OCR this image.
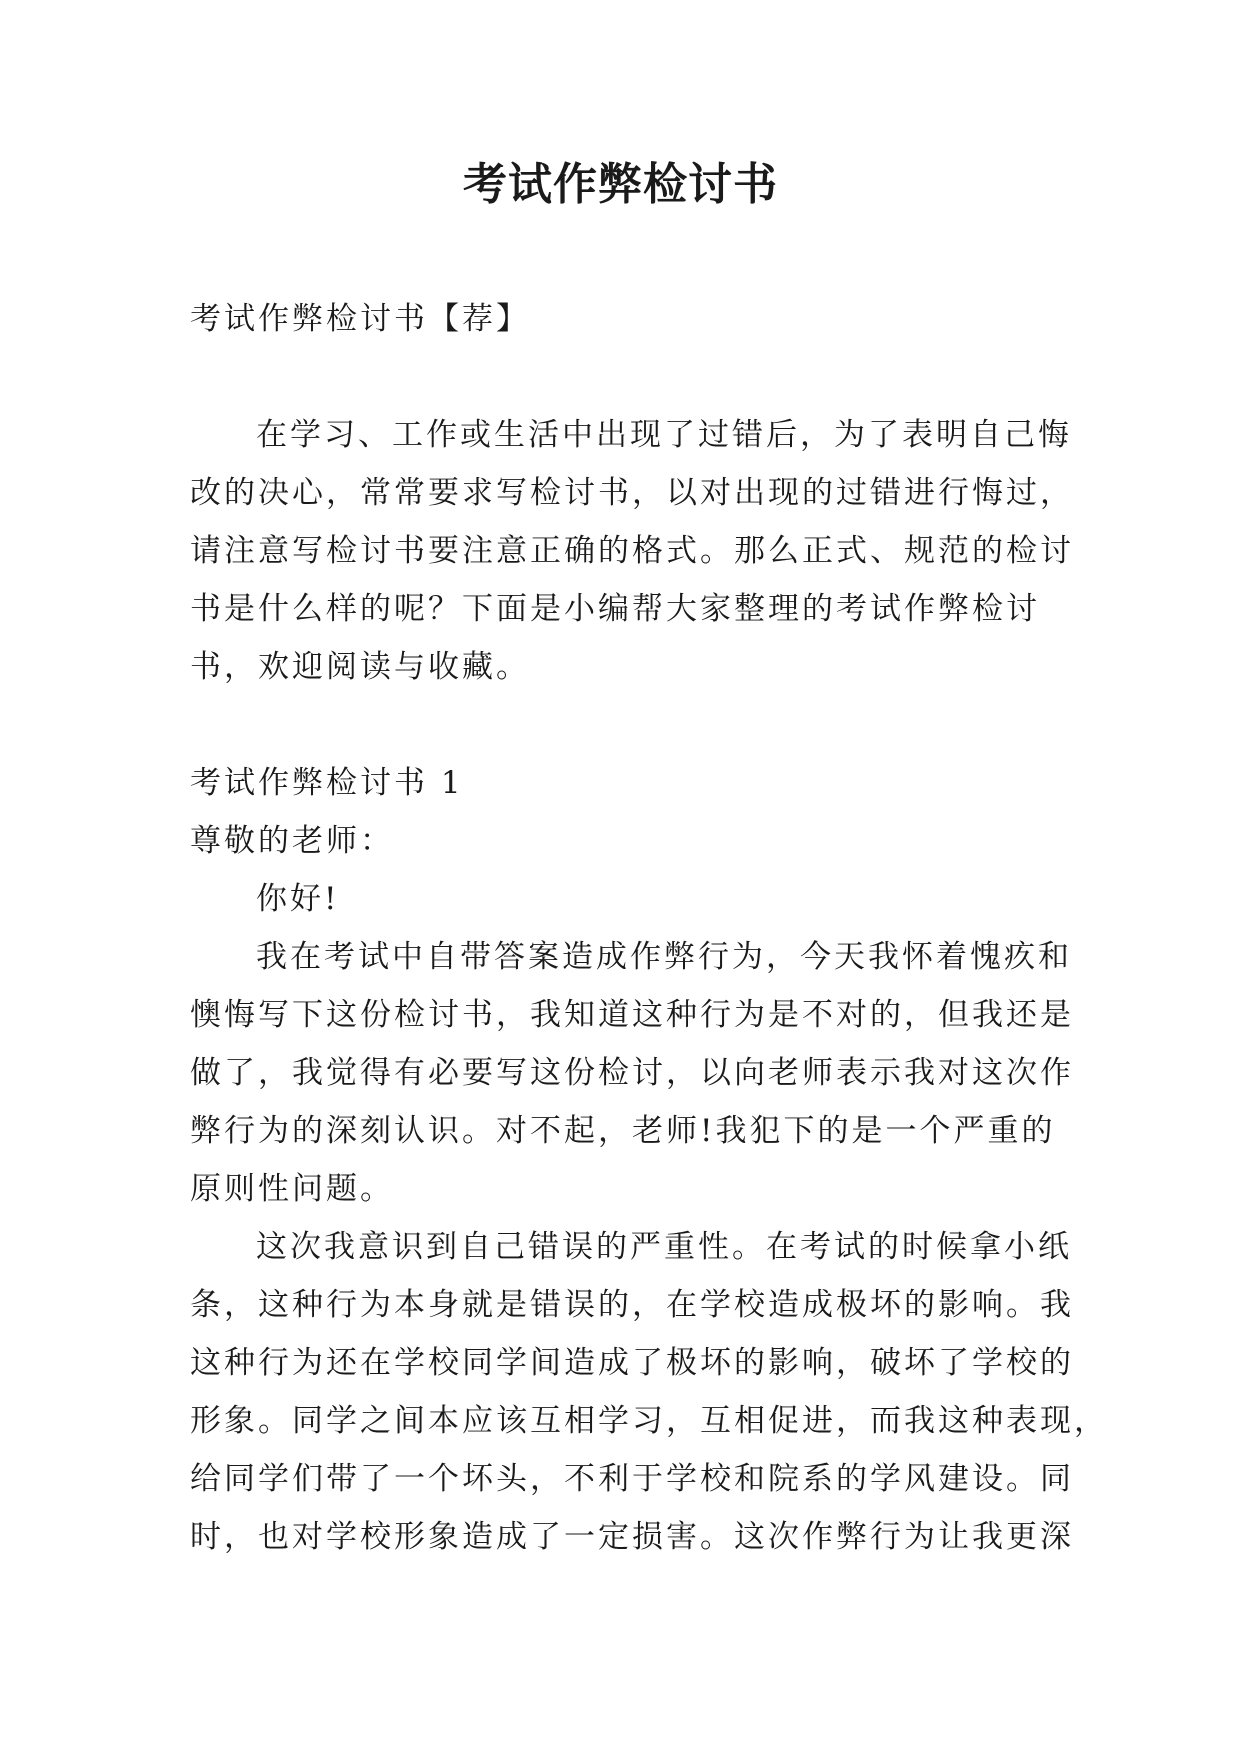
考试作弊检讨书
考试作弊检讨书【荐】
在学习、工作或生活中出现了过错后，为了表明自己悔
改的决心，常常要求写检讨书，以对出现的过错进行悔过，
请注意写检讨书要注意正确的格式。那么正式、规范的检讨
书是什么样的呢？下面是小编帮大家整理的考试作弊检讨
书，欢迎阅读与收藏。
考试作弊检讨书 1
尊敬的老师：
你好!
我在考试中自带答案造成作弊行为，今天我怀着愧疚和
懊悔写下这份检讨书，我知道这种行为是不对的，但我还是
做了，我觉得有必要写这份检讨，以向老师表示我对这次作
弊行为的深刻认识。对不起，老师!我犯下的是一个严重的
原则性问题。
这次我意识到自己错误的严重性。在考试的时候拿小纸
条，这种行为本身就是错误的，在学校造成极坏的影响。我
这种行为还在学校同学间造成了极坏的影响，破坏了学校的
形象。同学之间本应该互相学习，互相促进，而我这种表现，
给同学们带了一个坏头，不利于学校和院系的学风建设。同
时，也对学校形象造成了一定损害。这次作弊行为让我更深
